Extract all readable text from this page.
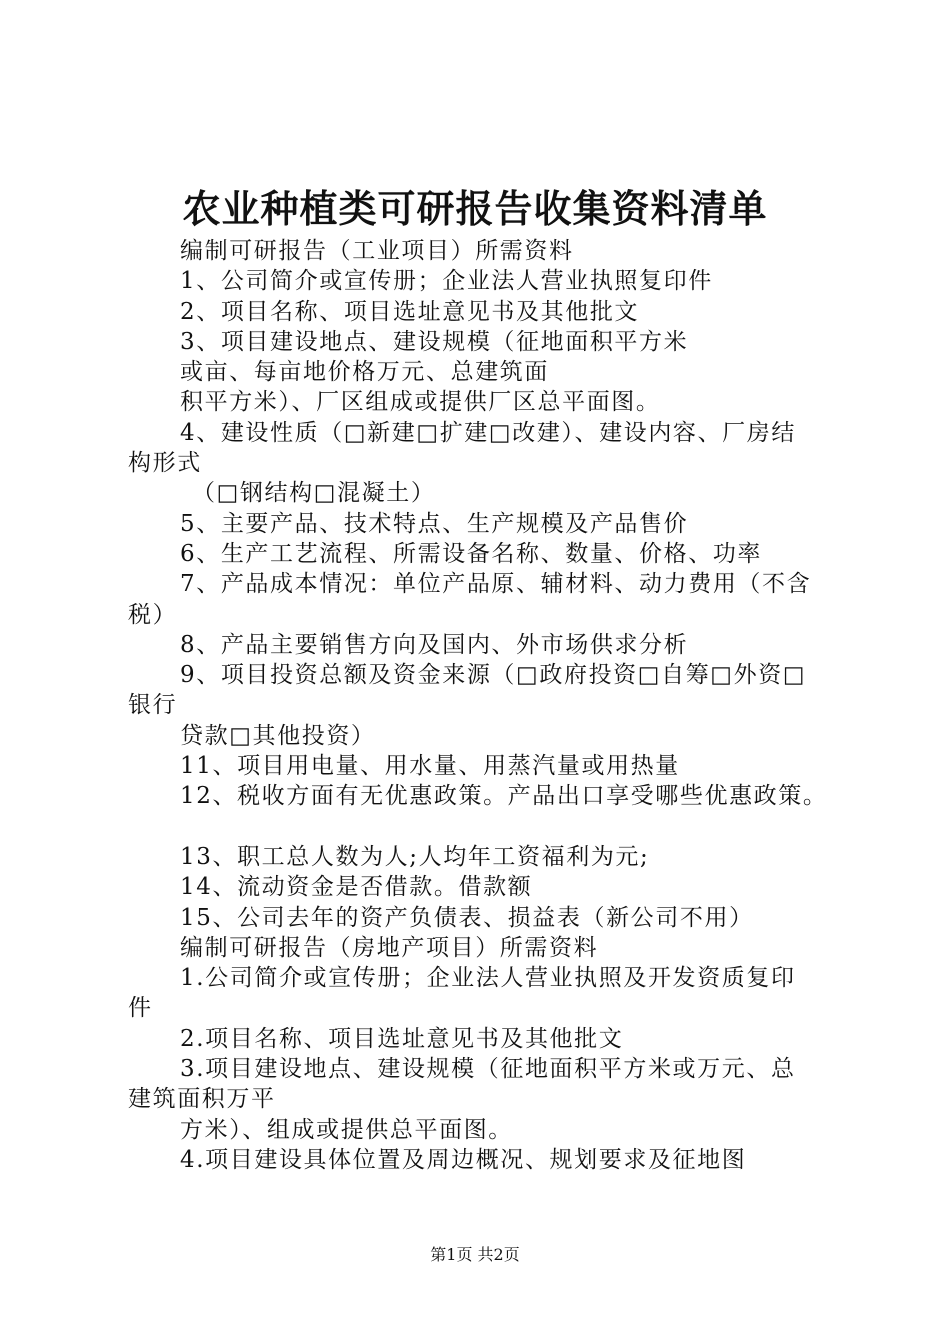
农业种植类可研报告收集资料清单
编制可研报告（工业项目）所需资料
1、公司简介或宣传册；企业法人营业执照复印件
2、项目名称、项目选址意见书及其他批文
3、项目建设地点、建设规模（征地面积平方米
或亩、每亩地价格万元、总建筑面
积平方米）、厂区组成或提供厂区总平面图。
4、建设性质（□新建□扩建□改建）、建设内容、厂房结
构形式
（□钢结构□混凝土）
5、主要产品、技术特点、生产规模及产品售价
6、生产工艺流程、所需设备名称、数量、价格、功率
7、产品成本情况：单位产品原、辅材料、动力费用（不含
税）
8、产品主要销售方向及国内、外市场供求分析
9、项目投资总额及资金来源（□政府投资□自筹□外资□
银行
贷款□其他投资）
11、项目用电量、用水量、用蒸汽量或用热量
12、税收方面有无优惠政策。产品出口享受哪些优惠政策。
13、职工总人数为人;人均年工资福利为元;
14、流动资金是否借款。借款额
15、公司去年的资产负债表、损益表（新公司不用）
编制可研报告（房地产项目）所需资料
1.公司简介或宣传册；企业法人营业执照及开发资质复印
件
2.项目名称、项目选址意见书及其他批文
3.项目建设地点、建设规模（征地面积平方米或万元、总
建筑面积万平
方米）、组成或提供总平面图。
4.项目建设具体位置及周边概况、规划要求及征地图
第1页 共2页
